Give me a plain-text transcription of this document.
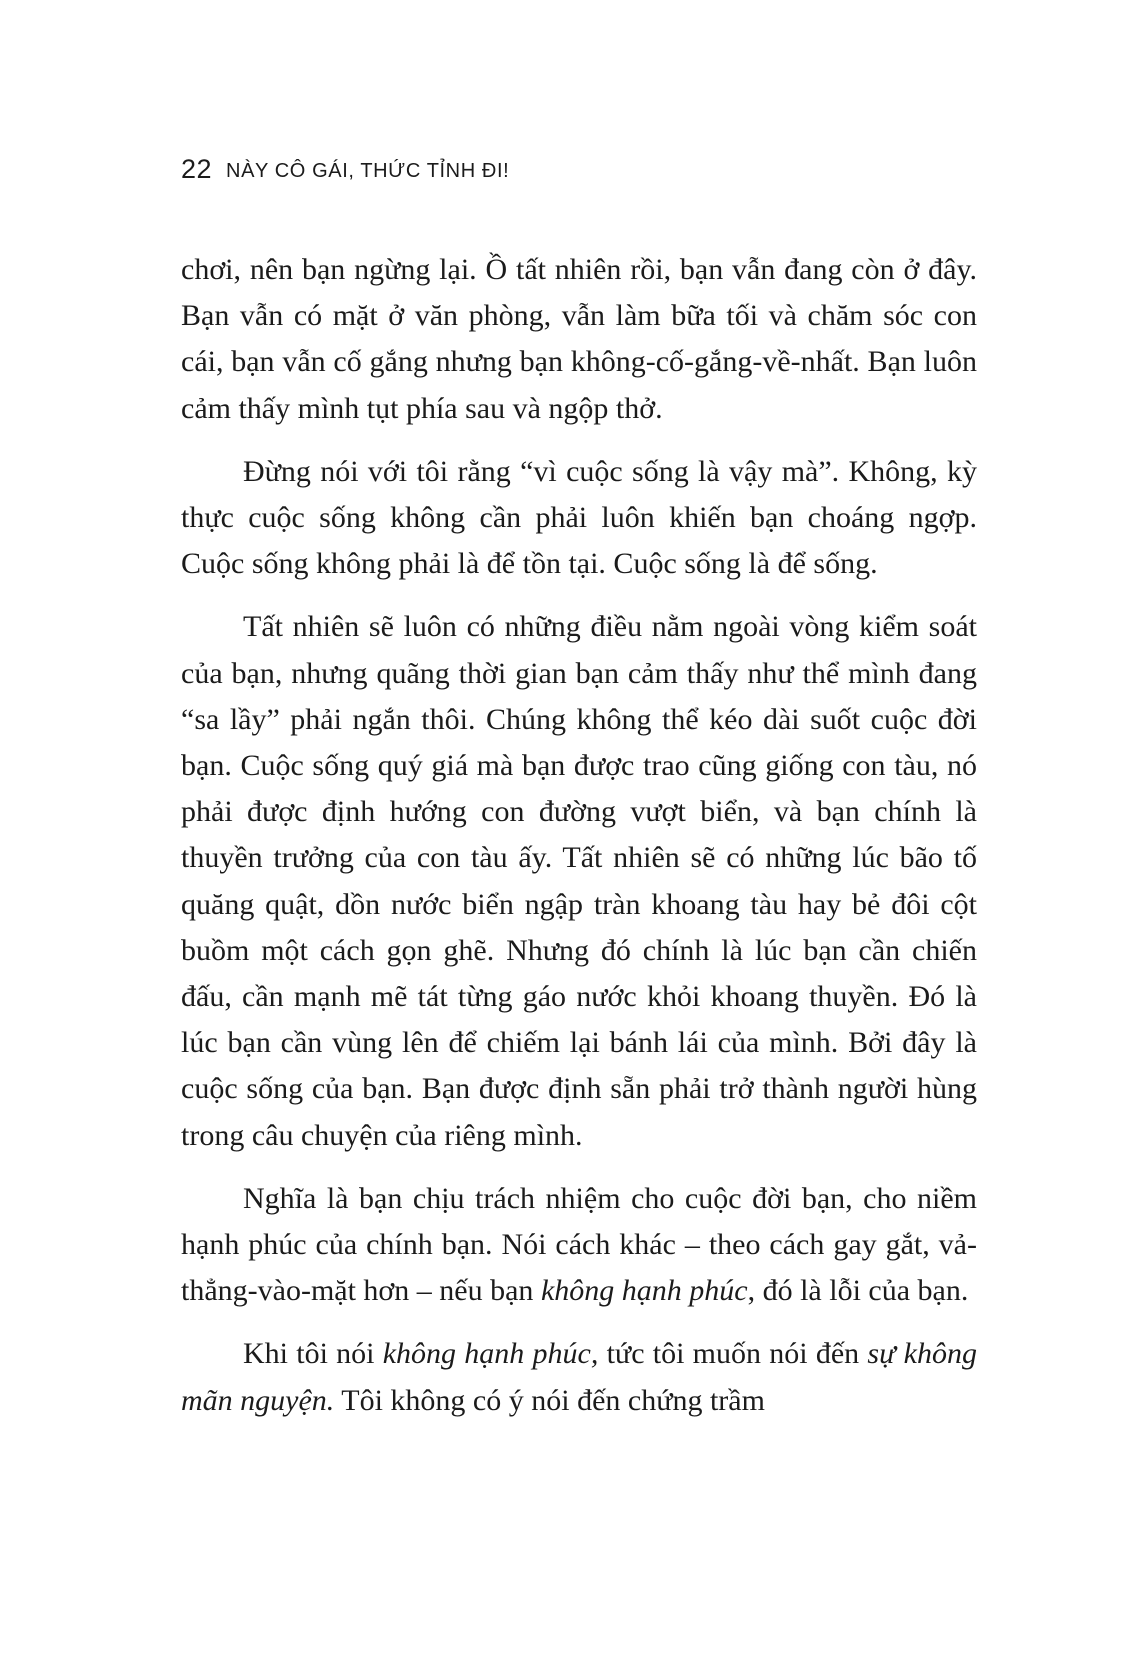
22 NÀY CÔ GÁI, THỨC TỈNH ĐI!

chơi, nên bạn ngừng lại. Ồ tất nhiên rồi, bạn vẫn đang còn ở đây. Bạn vẫn có mặt ở văn phòng, vẫn làm bữa tối và chăm sóc con cái, bạn vẫn cố gắng nhưng bạn không-cố-gắng-về-nhất. Bạn luôn cảm thấy mình tụt phía sau và ngộp thở.

Đừng nói với tôi rằng “vì cuộc sống là vậy mà”. Không, kỳ thực cuộc sống không cần phải luôn khiến bạn choáng ngợp. Cuộc sống không phải là để tồn tại. Cuộc sống là để sống.

Tất nhiên sẽ luôn có những điều nằm ngoài vòng kiểm soát của bạn, nhưng quãng thời gian bạn cảm thấy như thể mình đang “sa lầy” phải ngắn thôi. Chúng không thể kéo dài suốt cuộc đời bạn. Cuộc sống quý giá mà bạn được trao cũng giống con tàu, nó phải được định hướng con đường vượt biển, và bạn chính là thuyền trưởng của con tàu ấy. Tất nhiên sẽ có những lúc bão tố quăng quật, dồn nước biển ngập tràn khoang tàu hay bẻ đôi cột buồm một cách gọn ghẽ. Nhưng đó chính là lúc bạn cần chiến đấu, cần mạnh mẽ tát từng gáo nước khỏi khoang thuyền. Đó là lúc bạn cần vùng lên để chiếm lại bánh lái của mình. Bởi đây là cuộc sống của bạn. Bạn được định sẵn phải trở thành người hùng trong câu chuyện của riêng mình.

Nghĩa là bạn chịu trách nhiệm cho cuộc đời bạn, cho niềm hạnh phúc của chính bạn. Nói cách khác – theo cách gay gắt, vả-thẳng-vào-mặt hơn – nếu bạn không hạnh phúc, đó là lỗi của bạn.

Khi tôi nói không hạnh phúc, tức tôi muốn nói đến sự không mãn nguyện. Tôi không có ý nói đến chứng trầm
